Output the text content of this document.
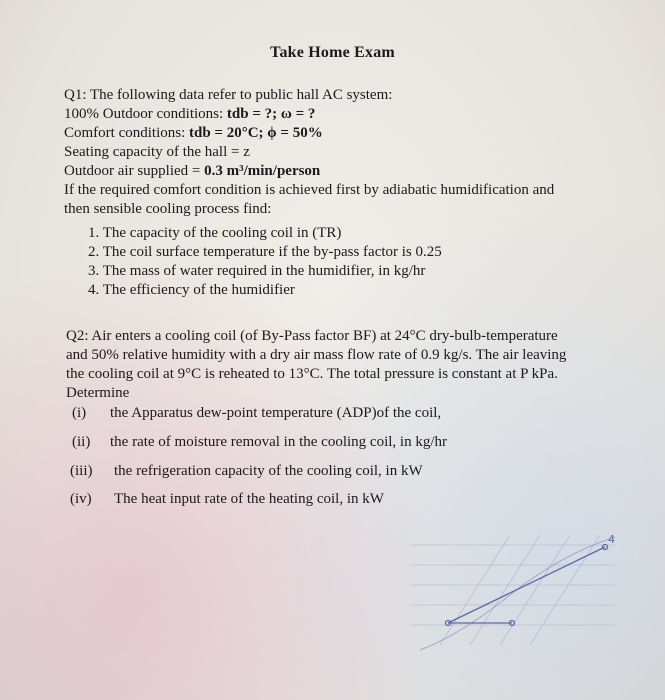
Take Home Exam
Q1: The following data refer to public hall AC system:
100% Outdoor conditions: tdb = ?; ω = ?
Comfort conditions: tdb = 20°C; ϕ = 50%
Seating capacity of the hall = z
Outdoor air supplied = 0.3 m³/min/person
If the required comfort condition is achieved first by adiabatic humidification and
then sensible cooling process find:
1. The capacity of the cooling coil in (TR)
2. The coil surface temperature if the by-pass factor is 0.25
3. The mass of water required in the humidifier, in kg/hr
4. The efficiency of the humidifier
Q2: Air enters a cooling coil (of By-Pass factor BF) at 24°C dry-bulb-temperature
and 50% relative humidity with a dry air mass flow rate of 0.9 kg/s. The air leaving
the cooling coil at 9°C is reheated to 13°C. The total pressure is constant at P kPa.
Determine
(i) the Apparatus dew-point temperature (ADP)of the coil,
(ii) the rate of moisture removal in the cooling coil, in kg/hr
(iii) the refrigeration capacity of the cooling coil, in kW
(iv) The heat input rate of the heating coil, in kW
4
